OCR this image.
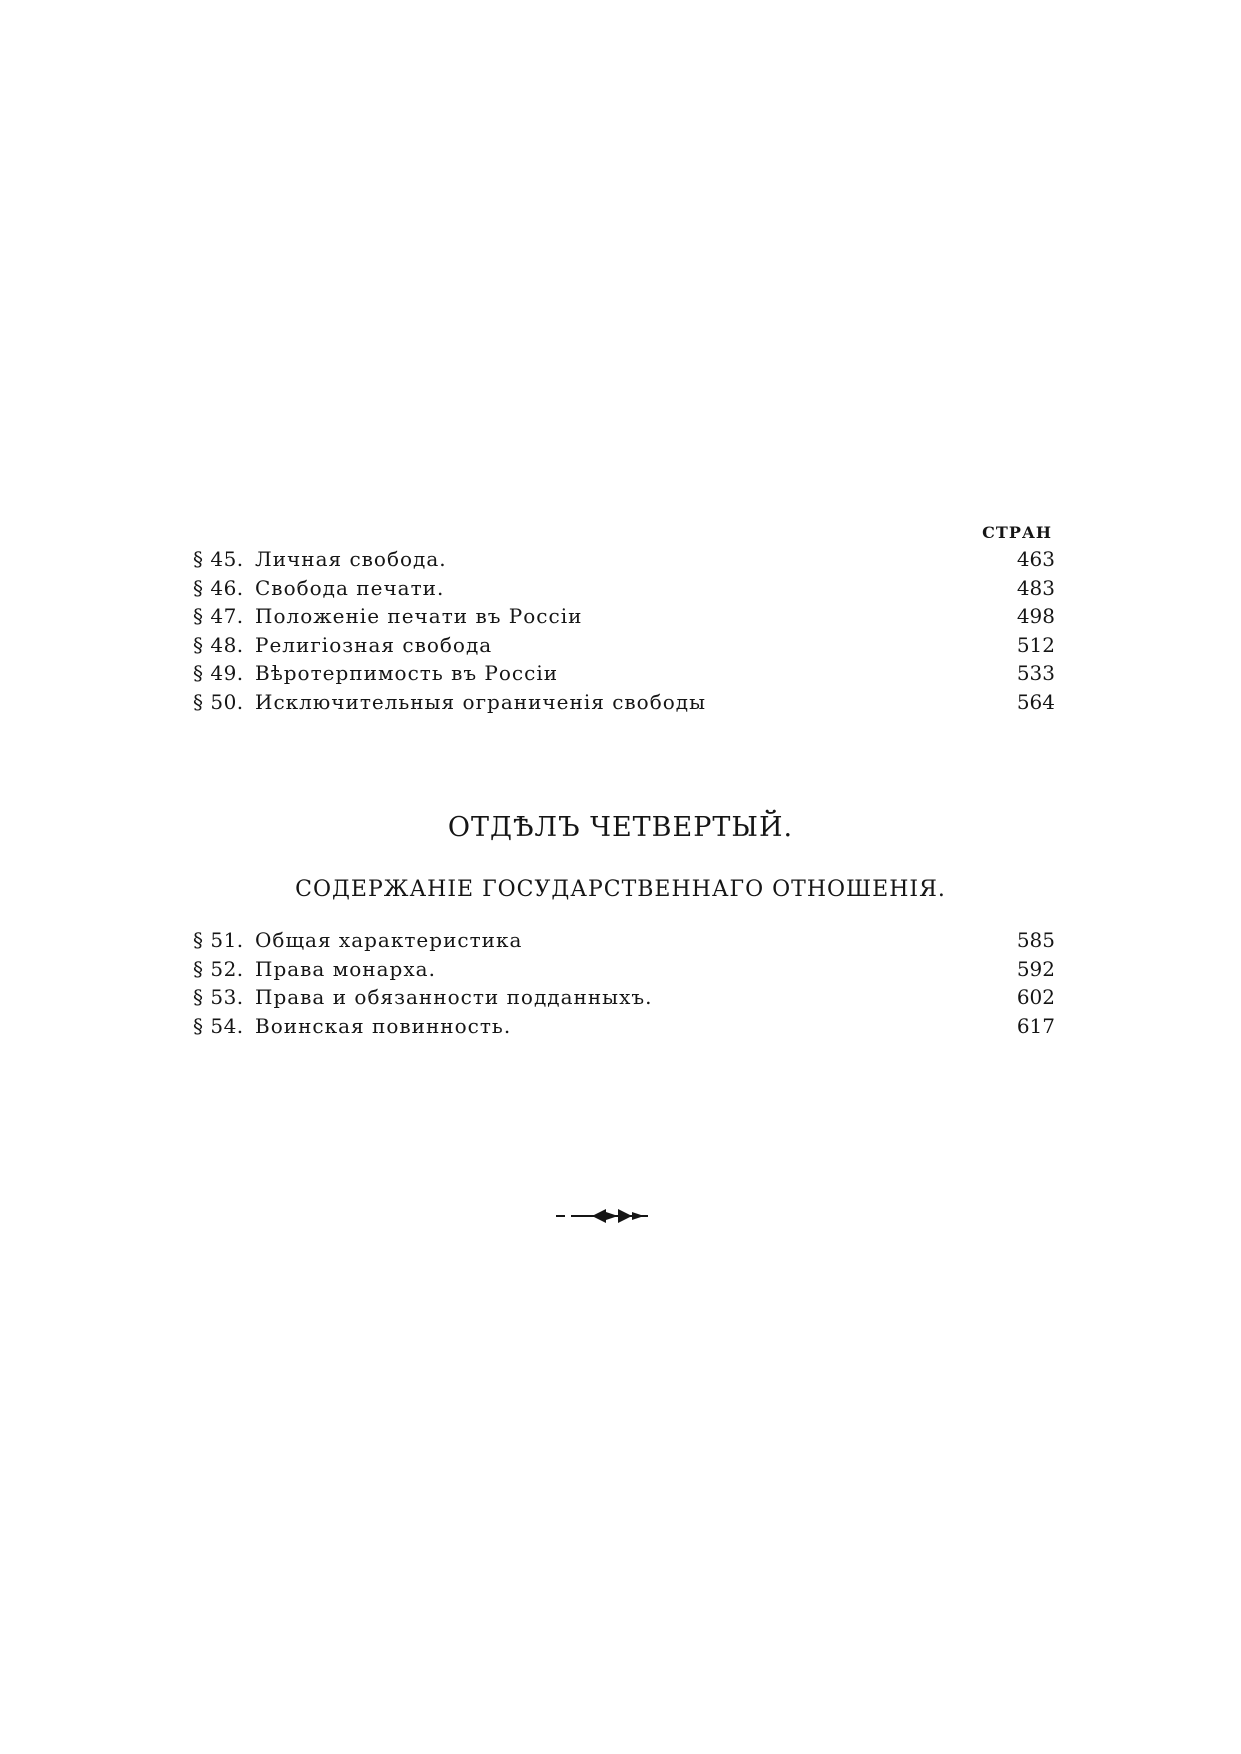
СТРАН
§ 45. Личная свобода.	463
§ 46. Свобода печати.	483
§ 47. Положеніе печати въ Россіи	498
§ 48. Религіозная свобода	512
§ 49. Вѣротерпимость въ Россіи	533
§ 50. Исключительныя ограниченія свободы	564
ОТДѢЛЪ ЧЕТВЕРТЫЙ.
СОДЕРЖАНІЕ ГОСУДАРСТВЕННАГО ОТНОШЕНІЯ.
§ 51. Общая характеристика	585
§ 52. Права монарха.	592
§ 53. Права и обязанности подданныхъ.	602
§ 54. Воинская повинность.	617
